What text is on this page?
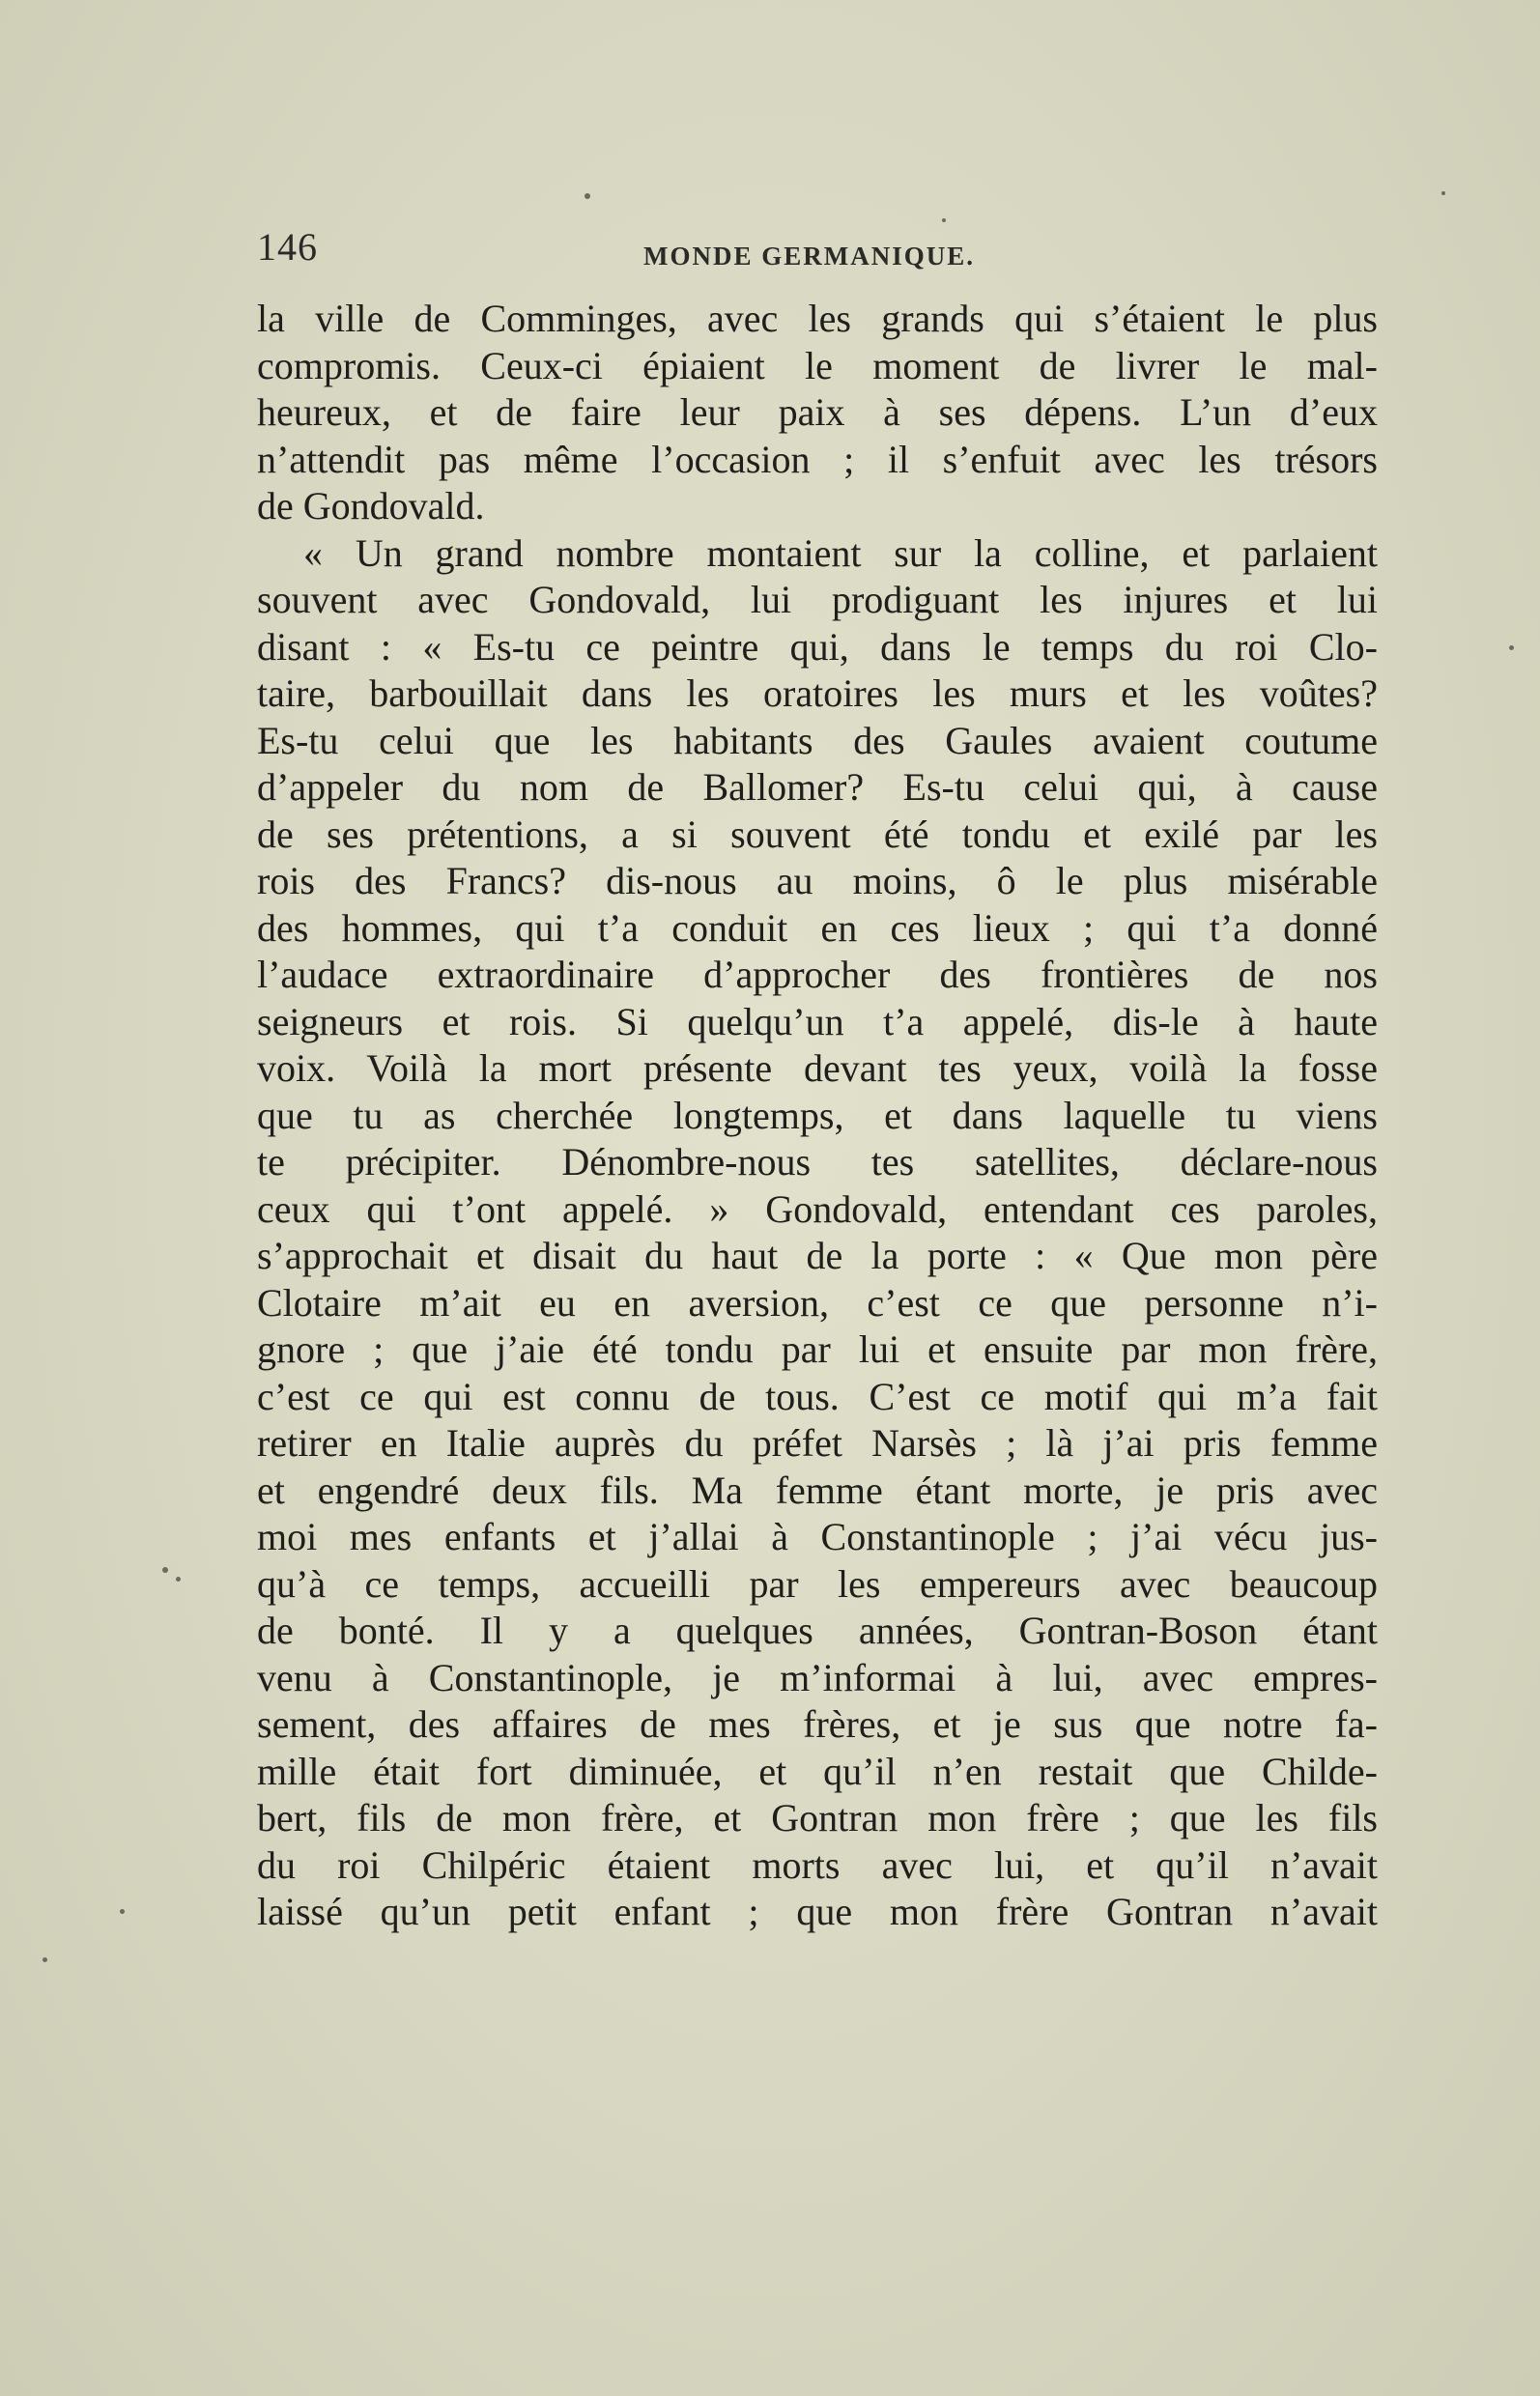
146	MONDE GERMANIQUE.
la ville de Comminges, avec les grands qui s’étaient le plus
compromis. Ceux-ci épiaient le moment de livrer le mal-
heureux, et de faire leur paix à ses dépens. L’un d’eux
n’attendit pas même l’occasion ; il s’enfuit avec les trésors
de Gondovald.
« Un grand nombre montaient sur la colline, et parlaient
souvent avec Gondovald, lui prodiguant les injures et lui
disant : « Es-tu ce peintre qui, dans le temps du roi Clo-
taire, barbouillait dans les oratoires les murs et les voûtes?
Es-tu celui que les habitants des Gaules avaient coutume
d’appeler du nom de Ballomer? Es-tu celui qui, à cause
de ses prétentions, a si souvent été tondu et exilé par les
rois des Francs? dis-nous au moins, ô le plus misérable
des hommes, qui t’a conduit en ces lieux ; qui t’a donné
l’audace extraordinaire d’approcher des frontières de nos
seigneurs et rois. Si quelqu’un t’a appelé, dis-le à haute
voix. Voilà la mort présente devant tes yeux, voilà la fosse
que tu as cherchée longtemps, et dans laquelle tu viens
te précipiter. Dénombre-nous tes satellites, déclare-nous
ceux qui t’ont appelé. » Gondovald, entendant ces paroles,
s’approchait et disait du haut de la porte : « Que mon père
Clotaire m’ait eu en aversion, c’est ce que personne n’i-
gnore ; que j’aie été tondu par lui et ensuite par mon frère,
c’est ce qui est connu de tous. C’est ce motif qui m’a fait
retirer en Italie auprès du préfet Narsès ; là j’ai pris femme
et engendré deux fils. Ma femme étant morte, je pris avec
moi mes enfants et j’allai à Constantinople ; j’ai vécu jus-
qu’à ce temps, accueilli par les empereurs avec beaucoup
de bonté. Il y a quelques années, Gontran-Boson étant
venu à Constantinople, je m’informai à lui, avec empres-
sement, des affaires de mes frères, et je sus que notre fa-
mille était fort diminuée, et qu’il n’en restait que Childe-
bert, fils de mon frère, et Gontran mon frère ; que les fils
du roi Chilpéric étaient morts avec lui, et qu’il n’avait
laissé qu’un petit enfant ; que mon frère Gontran n’avait
